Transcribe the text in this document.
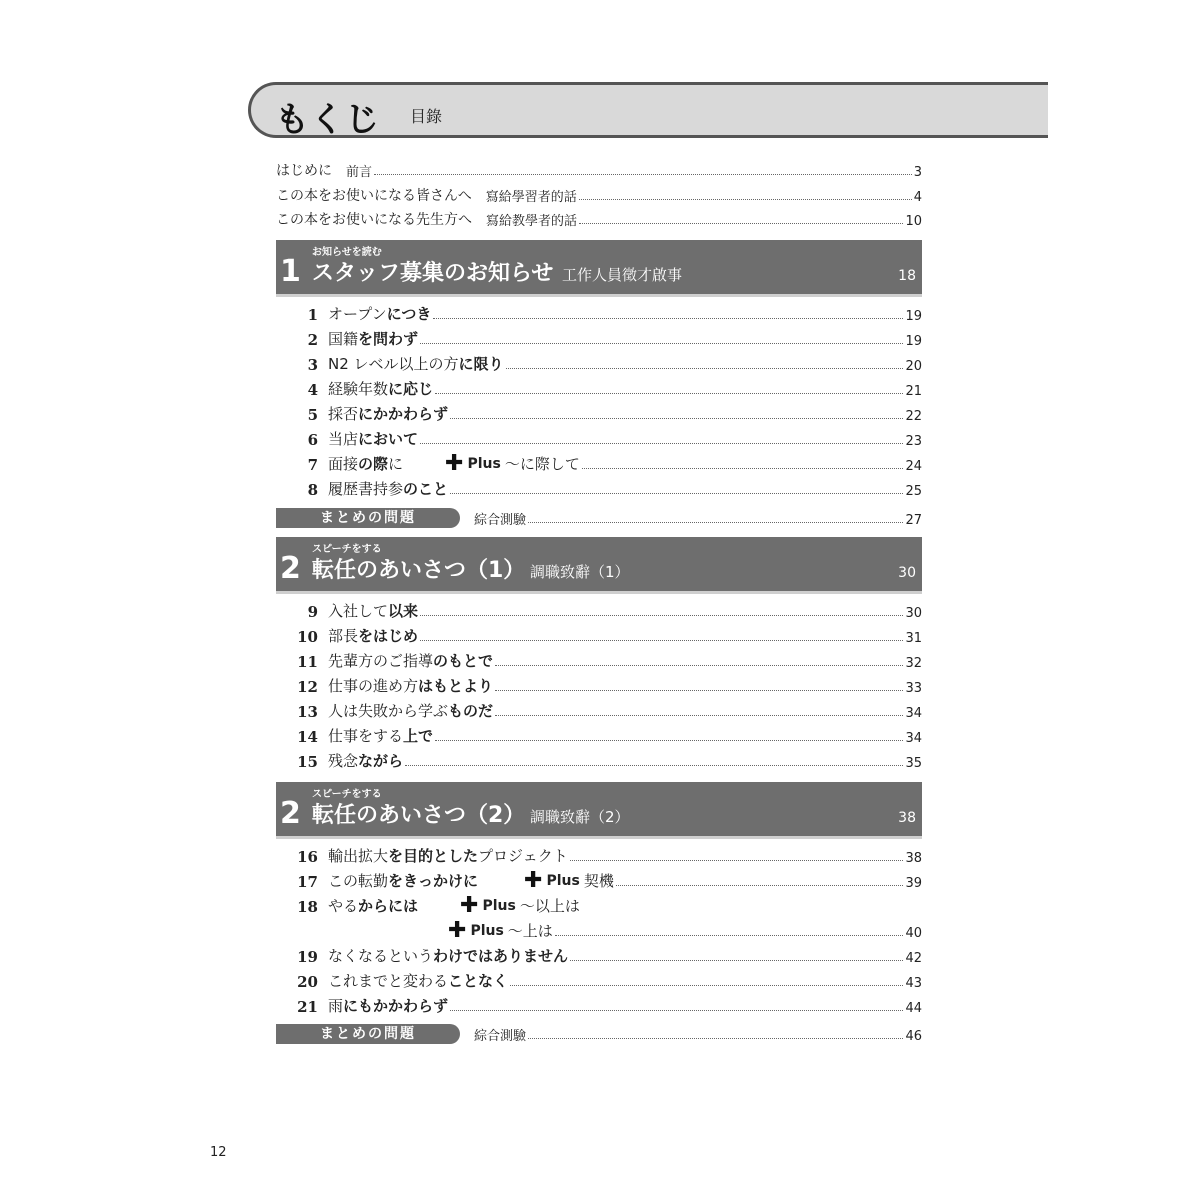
もくじ 目錄
はじめに 前言	3
この本をお使いになる皆さんへ 寫給學習者的話	4
この本をお使いになる先生方へ 寫給教學者的話	10
お知らせを読む
1 スタッフ募集のお知らせ 工作人員徵才啟事	18
1 オープンにつき	19
2 国籍を問わず	19
3 N2 レベル以上の方に限り	20
4 経験年数に応じ	21
5 採否にかかわらず	22
6 当店において	23
7 面接の際に ✚ Plus ～に際して	24
8 履歴書持参のこと	25
まとめの問題	綜合測驗	27
スピーチをする
2 転任のあいさつ（1） 調職致辭（1）	30
9 入社して以来	30
10 部長をはじめ	31
11 先輩方のご指導のもとで	32
12 仕事の進め方はもとより	33
13 人は失敗から学ぶものだ	34
14 仕事をする上で	34
15 残念ながら	35
スピーチをする
2 転任のあいさつ（2） 調職致辭（2）	38
16 輸出拡大を目的としたプロジェクト	38
17 この転勤をきっかけに ✚ Plus 契機	39
18 やるからには ✚ Plus ～以上は
✚ Plus ～上は	40
19 なくなるというわけではありません	42
20 これまでと変わることなく	43
21 雨にもかかわらず	44
まとめの問題	綜合測驗	46
12
